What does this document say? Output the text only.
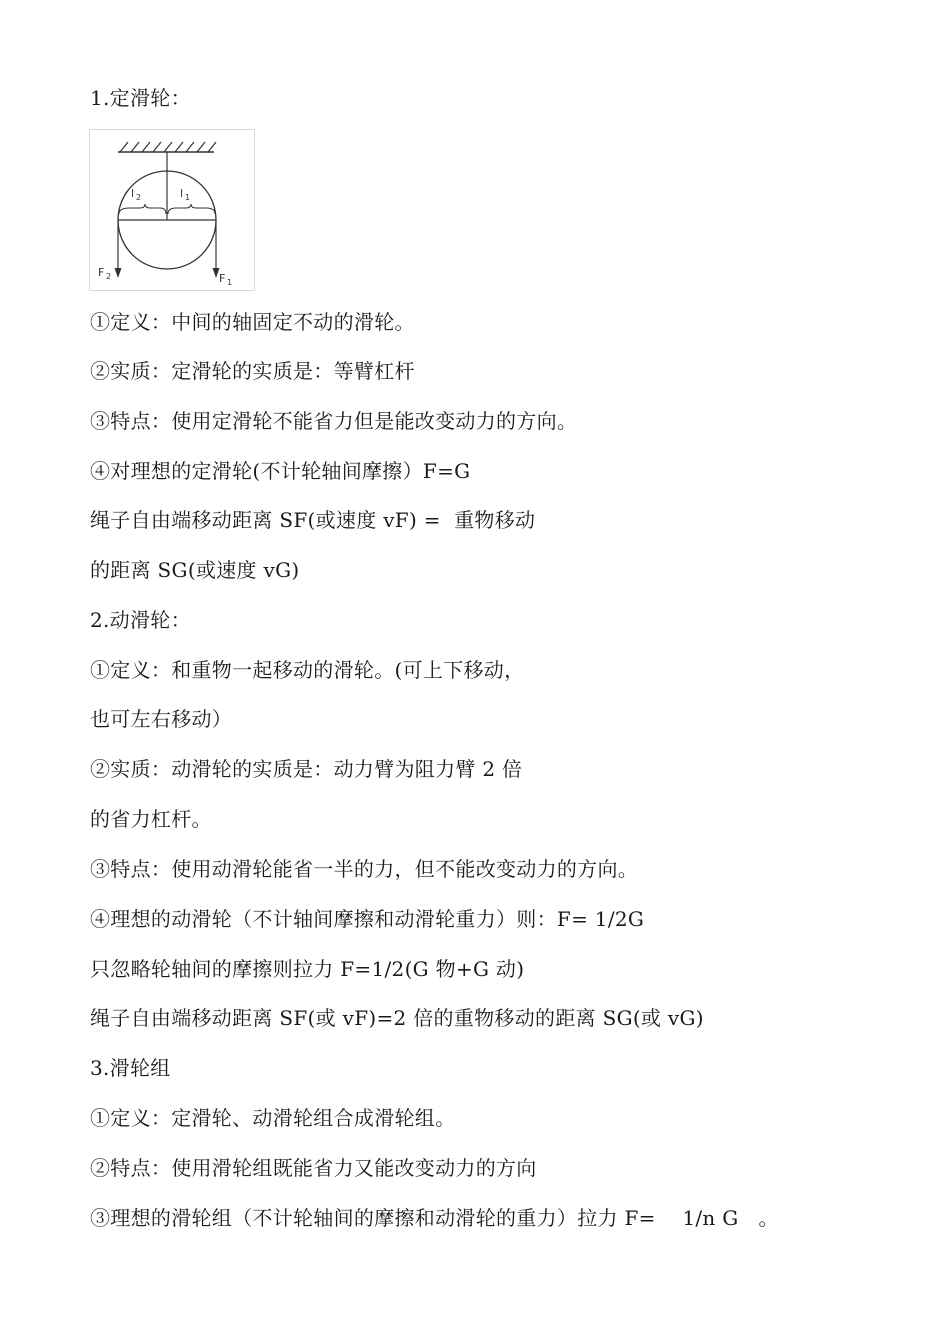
1.定滑轮：
l 2	l 1
F 2	F 1
①定义：中间的轴固定不动的滑轮。
②实质：定滑轮的实质是：等臂杠杆
③特点：使用定滑轮不能省力但是能改变动力的方向。
④对理想的定滑轮(不计轮轴间摩擦）F=G
绳子自由端移动距离 SF(或速度 vF) =  重物移动
的距离 SG(或速度 vG)
2.动滑轮：
①定义：和重物一起移动的滑轮。(可上下移动，
也可左右移动）
②实质：动滑轮的实质是：动力臂为阻力臂 2 倍
的省力杠杆。
③特点：使用动滑轮能省一半的力，但不能改变动力的方向。
④理想的动滑轮（不计轴间摩擦和动滑轮重力）则：F= 1/2G
只忽略轮轴间的摩擦则拉力 F=1/2(G 物+G 动)
绳子自由端移动距离 SF(或 vF)=2 倍的重物移动的距离 SG(或 vG)
3.滑轮组
①定义：定滑轮、动滑轮组合成滑轮组。
②特点：使用滑轮组既能省力又能改变动力的方向
③理想的滑轮组（不计轮轴间的摩擦和动滑轮的重力）拉力 F=    1/n G   。
